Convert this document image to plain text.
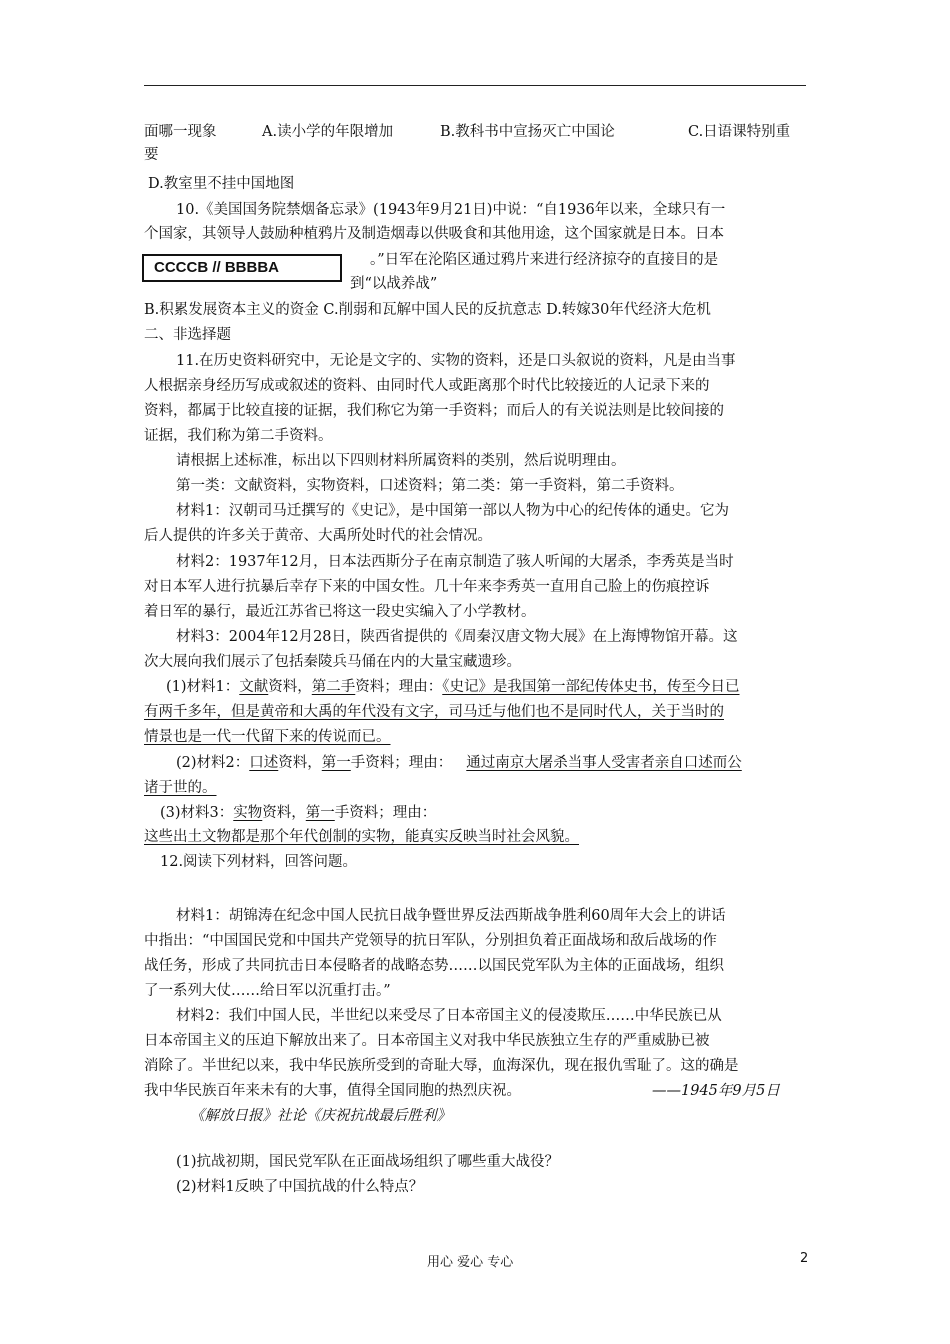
面哪一现象	A.读小学的年限增加	B.教科书中宣扬灭亡中国论	C.日语课特别重
要
D.教室里不挂中国地图
10.《美国国务院禁烟备忘录》(1943年9月21日)中说：“自1936年以来，全球只有一
个国家，其领导人鼓励种植鸦片及制造烟毒以供吸食和其他用途，这个国家就是日本。日本
。”日军在沦陷区通过鸦片来进行经济掠夺的直接目的是
到“以战养战”
CCCCB // BBBBA
B.积累发展资本主义的资金 C.削弱和瓦解中国人民的反抗意志 D.转嫁30年代经济大危机
二、非选择题
11.在历史资料研究中，无论是文字的、实物的资料，还是口头叙说的资料，凡是由当事
人根据亲身经历写成或叙述的资料、由同时代人或距离那个时代比较接近的人记录下来的
资料，都属于比较直接的证据，我们称它为第一手资料；而后人的有关说法则是比较间接的
证据，我们称为第二手资料。
请根据上述标准，标出以下四则材料所属资料的类别，然后说明理由。
第一类：文献资料，实物资料，口述资料；第二类：第一手资料，第二手资料。
材料1：汉朝司马迁撰写的《史记》，是中国第一部以人物为中心的纪传体的通史。它为
后人提供的许多关于黄帝、大禹所处时代的社会情况。
材料2：1937年12月，日本法西斯分子在南京制造了骇人听闻的大屠杀，李秀英是当时
对日本军人进行抗暴后幸存下来的中国女性。几十年来李秀英一直用自己脸上的伤痕控诉
着日军的暴行，最近江苏省已将这一段史实编入了小学教材。
材料3：2004年12月28日，陕西省提供的《周秦汉唐文物大展》在上海博物馆开幕。这
次大展向我们展示了包括秦陵兵马俑在内的大量宝藏遗珍。
(1)材料1：文献资料，第二手资料；理由：《史记》是我国第一部纪传体史书，传至今日已
有两千多年，但是黄帝和大禹的年代没有文字，司马迁与他们也不是同时代人，关于当时的
情景也是一代一代留下来的传说而已。
(2)材料2：口述资料，第一手资料；理由： 通过南京大屠杀当事人受害者亲自口述而公
诸于世的。
(3)材料3：实物资料，第一手资料；理由：
这些出土文物都是那个年代创制的实物，能真实反映当时社会风貌。
12.阅读下列材料，回答问题。
材料1：胡锦涛在纪念中国人民抗日战争暨世界反法西斯战争胜利60周年大会上的讲话
中指出：“中国国民党和中国共产党领导的抗日军队，分别担负着正面战场和敌后战场的作
战任务，形成了共同抗击日本侵略者的战略态势……以国民党军队为主体的正面战场，组织
了一系列大仗……给日军以沉重打击。”
材料2：我们中国人民，半世纪以来受尽了日本帝国主义的侵凌欺压……中华民族已从
日本帝国主义的压迫下解放出来了。日本帝国主义对我中华民族独立生存的严重威胁已被
消除了。半世纪以来，我中华民族所受到的奇耻大辱，血海深仇，现在报仇雪耻了。这的确是
我中华民族百年来未有的大事，值得全国同胞的热烈庆祝。	——1945年9月5日
《解放日报》社论《庆祝抗战最后胜利》
(1)抗战初期，国民党军队在正面战场组织了哪些重大战役？
(2)材料1反映了中国抗战的什么特点？
用心 爱心 专心	2
